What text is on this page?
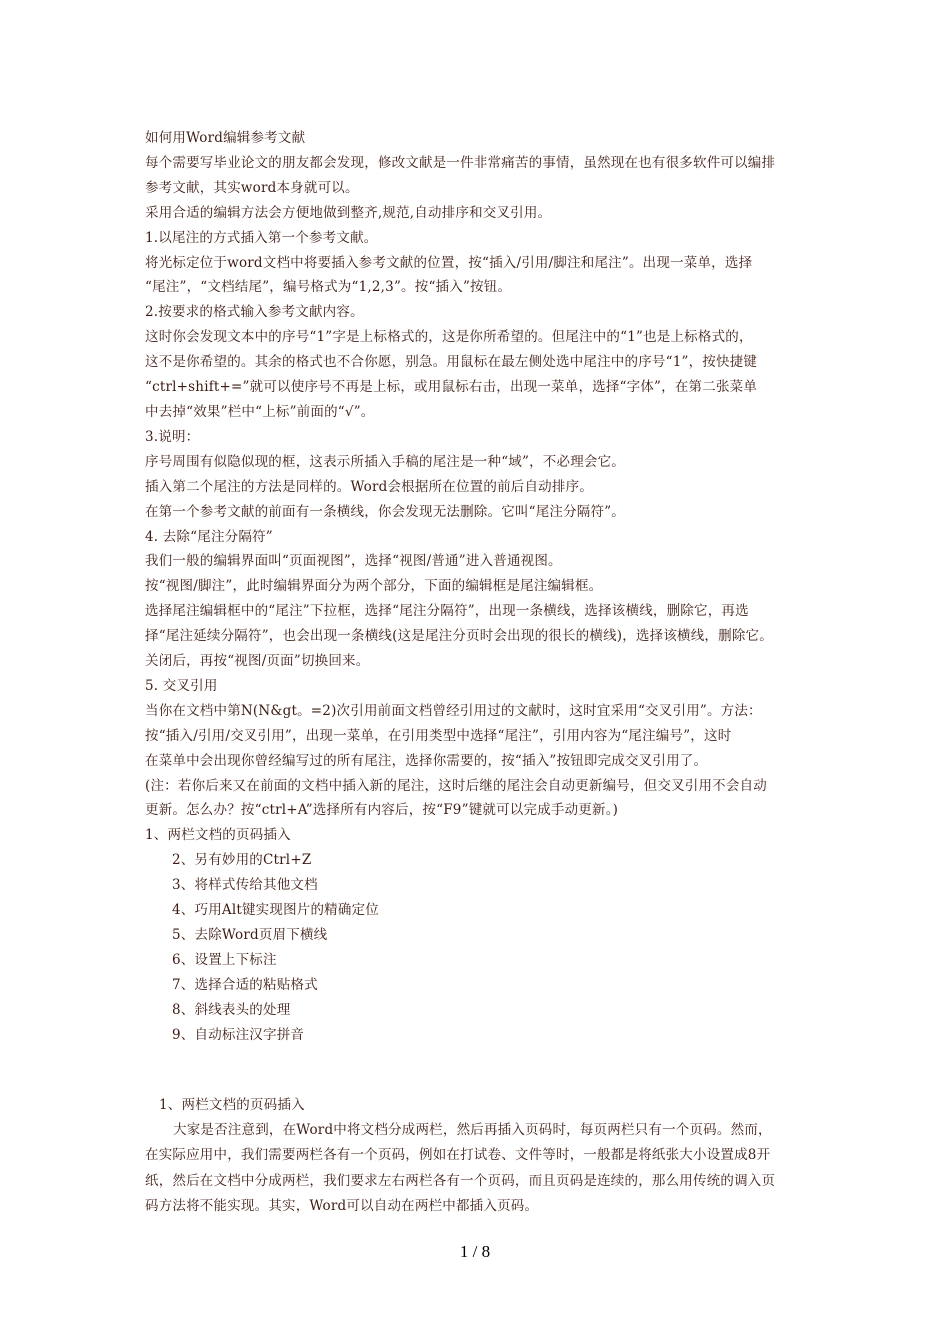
如何用Word编辑参考文献

每个需要写毕业论文的朋友都会发现，修改文献是一件非常痛苦的事情，虽然现在也有很多软件可以编排

参考文献，其实word本身就可以。

采用合适的编辑方法会方便地做到整齐,规范,自动排序和交叉引用。

1.以尾注的方式插入第一个参考文献。

将光标定位于word文档中将要插入参考文献的位置，按“插入/引用/脚注和尾注”。出现一菜单，选择

“尾注”，“文档结尾”，编号格式为“1,2,3”。按“插入”按钮。

2.按要求的格式输入参考文献内容。

这时你会发现文本中的序号“1”字是上标格式的，这是你所希望的。但尾注中的“1”也是上标格式的，

这不是你希望的。其余的格式也不合你愿，别急。用鼠标在最左侧处选中尾注中的序号“1”，按快捷键

“ctrl+shift+=”就可以使序号不再是上标，或用鼠标右击，出现一菜单，选择“字体”，在第二张菜单

中去掉“效果”栏中“上标”前面的“√”。

3.说明：

序号周围有似隐似现的框，这表示所插入手稿的尾注是一种“域”，不必理会它。

插入第二个尾注的方法是同样的。Word会根据所在位置的前后自动排序。

在第一个参考文献的前面有一条横线，你会发现无法删除。它叫“尾注分隔符”。

4. 去除“尾注分隔符”

我们一般的编辑界面叫“页面视图”，选择“视图/普通”进入普通视图。

按“视图/脚注”，此时编辑界面分为两个部分，下面的编辑框是尾注编辑框。

选择尾注编辑框中的“尾注”下拉框，选择“尾注分隔符”，出现一条横线，选择该横线，删除它，再选

择“尾注延续分隔符”，也会出现一条横线(这是尾注分页时会出现的很长的横线)，选择该横线，删除它。

关闭后，再按“视图/页面”切换回来。

5. 交叉引用

当你在文档中第N(N&gt。=2)次引用前面文档曾经引用过的文献时，这时宜采用“交叉引用”。方法：

按“插入/引用/交叉引用”，出现一菜单，在引用类型中选择“尾注”，引用内容为“尾注编号”，这时

在菜单中会出现你曾经编写过的所有尾注，选择你需要的，按“插入”按钮即完成交叉引用了。

(注：若你后来又在前面的文档中插入新的尾注，这时后继的尾注会自动更新编号，但交叉引用不会自动

更新。怎么办？按“ctrl+A”选择所有内容后，按“F9”键就可以完成手动更新。)

1、两栏文档的页码插入

2、另有妙用的Ctrl+Z

3、将样式传给其他文档

4、巧用Alt键实现图片的精确定位

5、去除Word页眉下横线

6、设置上下标注

7、选择合适的粘贴格式

8、斜线表头的处理

9、自动标注汉字拼音

1、两栏文档的页码插入

大家是否注意到，在Word中将文档分成两栏，然后再插入页码时，每页两栏只有一个页码。然而，

在实际应用中，我们需要两栏各有一个页码，例如在打试卷、文件等时，一般都是将纸张大小设置成8开

纸，然后在文档中分成两栏，我们要求左右两栏各有一个页码，而且页码是连续的，那么用传统的调入页

码方法将不能实现。其实，Word可以自动在两栏中都插入页码。

1 / 8
